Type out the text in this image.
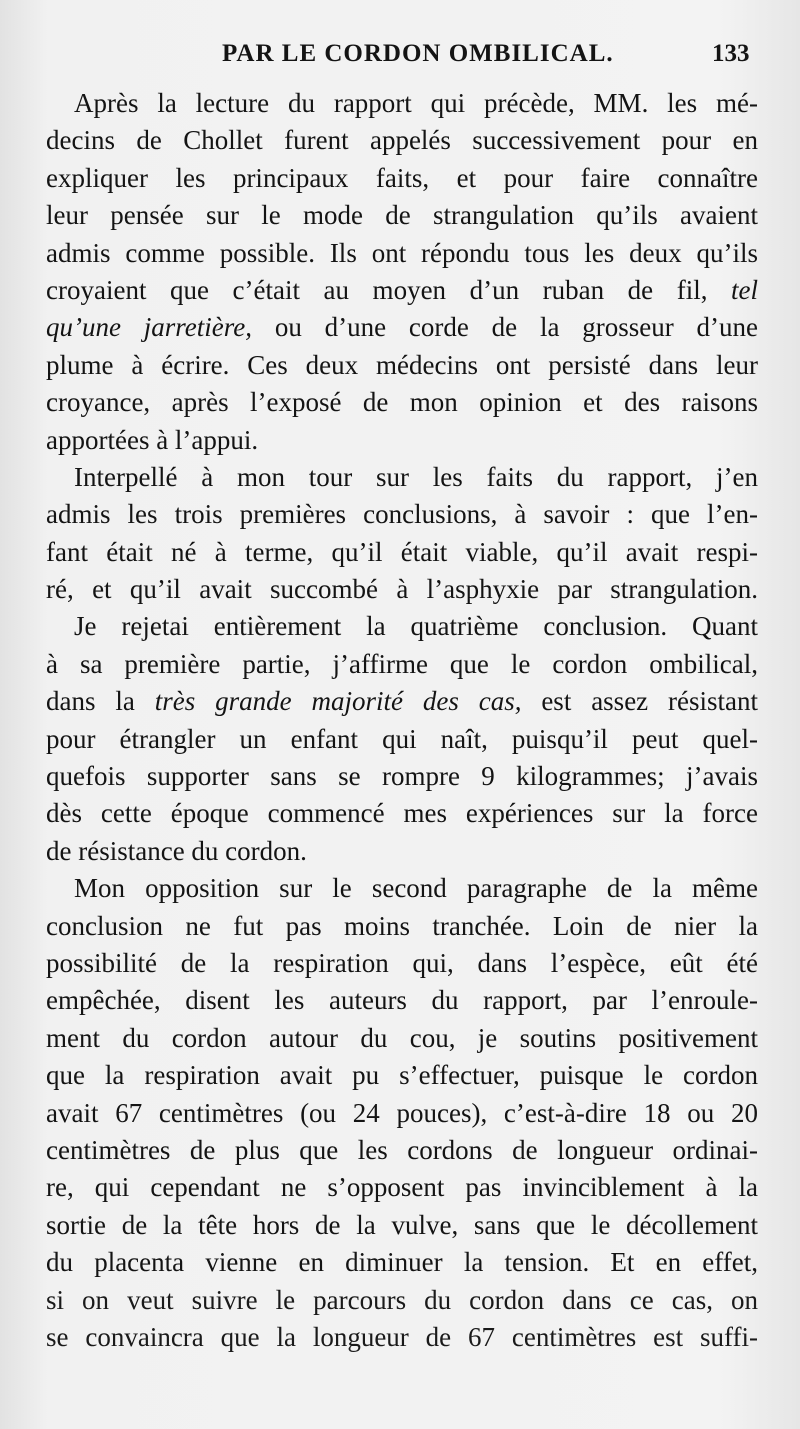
PAR LE CORDON OMBILICAL.	133

Après la lecture du rapport qui précède, MM. les mé-
decins de Chollet furent appelés successivement pour en
expliquer les principaux faits, et pour faire connaître
leur pensée sur le mode de strangulation qu’ils avaient
admis comme possible. Ils ont répondu tous les deux qu’ils
croyaient que c’était au moyen d’un ruban de fil, tel
qu’une jarretière, ou d’une corde de la grosseur d’une
plume à écrire. Ces deux médecins ont persisté dans leur
croyance, après l’exposé de mon opinion et des raisons
apportées à l’appui.

Interpellé à mon tour sur les faits du rapport, j’en
admis les trois premières conclusions, à savoir : que l’en-
fant était né à terme, qu’il était viable, qu’il avait respi-
ré, et qu’il avait succombé à l’asphyxie par strangulation.

Je rejetai entièrement la quatrième conclusion. Quant
à sa première partie, j’affirme que le cordon ombilical,
dans la très grande majorité des cas, est assez résistant
pour étrangler un enfant qui naît, puisqu’il peut quel-
quefois supporter sans se rompre 9 kilogrammes; j’avais
dès cette époque commencé mes expériences sur la force
de résistance du cordon.

Mon opposition sur le second paragraphe de la même
conclusion ne fut pas moins tranchée. Loin de nier la
possibilité de la respiration qui, dans l’espèce, eût été
empêchée, disent les auteurs du rapport, par l’enroule-
ment du cordon autour du cou, je soutins positivement
que la respiration avait pu s’effectuer, puisque le cordon
avait 67 centimètres (ou 24 pouces), c’est-à-dire 18 ou 20
centimètres de plus que les cordons de longueur ordinai-
re, qui cependant ne s’opposent pas invinciblement à la
sortie de la tête hors de la vulve, sans que le décollement
du placenta vienne en diminuer la tension. Et en effet,
si on veut suivre le parcours du cordon dans ce cas, on
se convaincra que la longueur de 67 centimètres est suffi-
